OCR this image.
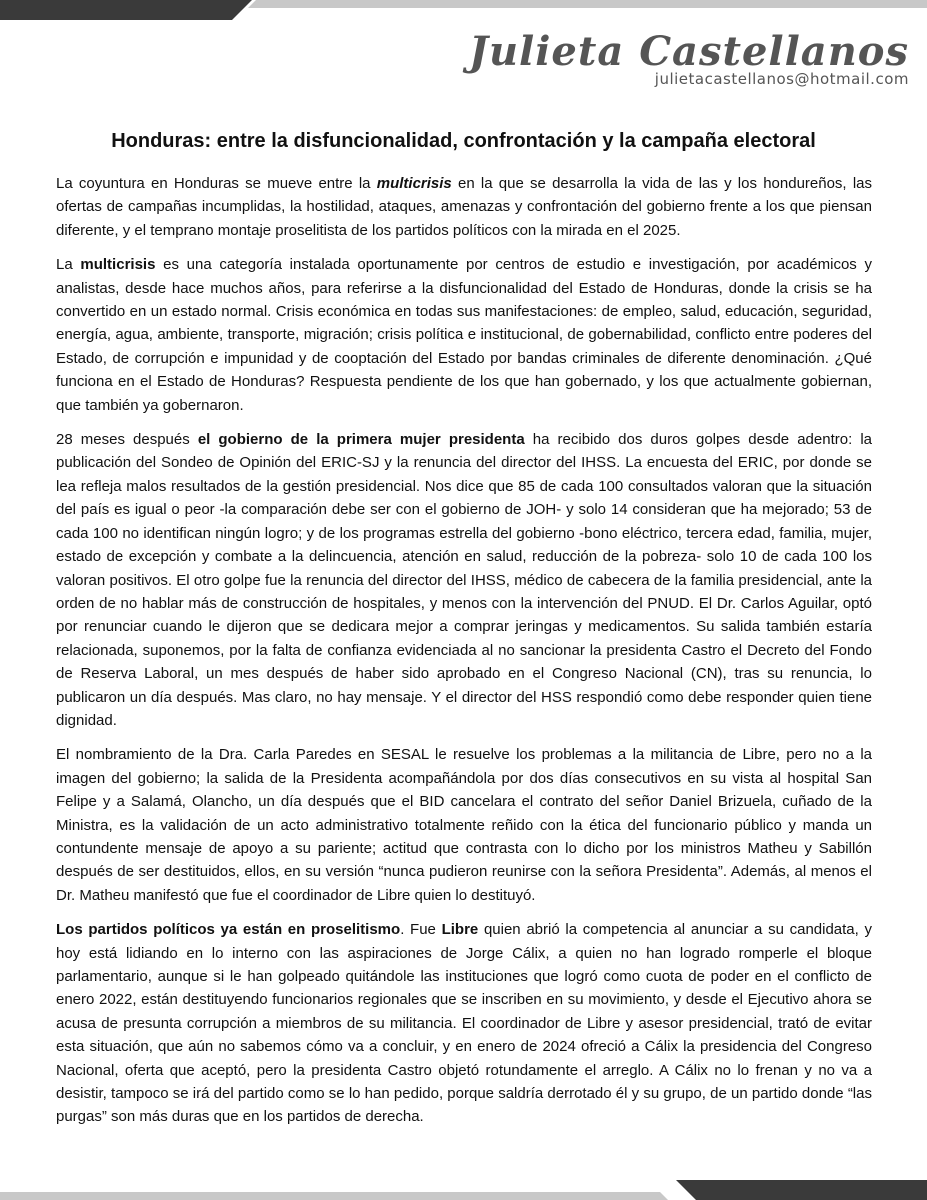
Julieta Castellanos
julietacastellanos@hotmail.com
Honduras: entre la disfuncionalidad, confrontación y la campaña electoral

La coyuntura en Honduras se mueve entre la multicrisis en la que se desarrolla la vida de las y los hondureños, las ofertas de campañas incumplidas, la hostilidad, ataques, amenazas y confrontación del gobierno frente a los que piensan diferente, y el temprano montaje proselitista de los partidos políticos con la mirada en el 2025.

La multicrisis es una categoría instalada oportunamente por centros de estudio e investigación, por académicos y analistas, desde hace muchos años, para referirse a la disfuncionalidad del Estado de Honduras, donde la crisis se ha convertido en un estado normal. Crisis económica en todas sus manifestaciones: de empleo, salud, educación, seguridad, energía, agua, ambiente, transporte, migración; crisis política e institucional, de gobernabilidad, conflicto entre poderes del Estado, de corrupción e impunidad y de cooptación del Estado por bandas criminales de diferente denominación. ¿Qué funciona en el Estado de Honduras? Respuesta pendiente de los que han gobernado, y los que actualmente gobiernan, que también ya gobernaron.

28 meses después el gobierno de la primera mujer presidenta ha recibido dos duros golpes desde adentro: la publicación del Sondeo de Opinión del ERIC-SJ y la renuncia del director del IHSS. La encuesta del ERIC, por donde se lea refleja malos resultados de la gestión presidencial. Nos dice que 85 de cada 100 consultados valoran que la situación del país es igual o peor -la comparación debe ser con el gobierno de JOH- y solo 14 consideran que ha mejorado; 53 de cada 100 no identifican ningún logro; y de los programas estrella del gobierno -bono eléctrico, tercera edad, familia, mujer, estado de excepción y combate a la delincuencia, atención en salud, reducción de la pobreza- solo 10 de cada 100 los valoran positivos. El otro golpe fue la renuncia del director del IHSS, médico de cabecera de la familia presidencial, ante la orden de no hablar más de construcción de hospitales, y menos con la intervención del PNUD. El Dr. Carlos Aguilar, optó por renunciar cuando le dijeron que se dedicara mejor a comprar jeringas y medicamentos. Su salida también estaría relacionada, suponemos, por la falta de confianza evidenciada al no sancionar la presidenta Castro el Decreto del Fondo de Reserva Laboral, un mes después de haber sido aprobado en el Congreso Nacional (CN), tras su renuncia, lo publicaron un día después. Mas claro, no hay mensaje. Y el director del HSS respondió como debe responder quien tiene dignidad.

El nombramiento de la Dra. Carla Paredes en SESAL le resuelve los problemas a la militancia de Libre, pero no a la imagen del gobierno; la salida de la Presidenta acompañándola por dos días consecutivos en su vista al hospital San Felipe y a Salamá, Olancho, un día después que el BID cancelara el contrato del señor Daniel Brizuela, cuñado de la Ministra, es la validación de un acto administrativo totalmente reñido con la ética del funcionario público y manda un contundente mensaje de apoyo a su pariente; actitud que contrasta con lo dicho por los ministros Matheu y Sabillón después de ser destituidos, ellos, en su versión “nunca pudieron reunirse con la señora Presidenta”. Además, al menos el Dr. Matheu manifestó que fue el coordinador de Libre quien lo destituyó.

Los partidos políticos ya están en proselitismo. Fue Libre quien abrió la competencia al anunciar a su candidata, y hoy está lidiando en lo interno con las aspiraciones de Jorge Cálix, a quien no han logrado romperle el bloque parlamentario, aunque si le han golpeado quitándole las instituciones que logró como cuota de poder en el conflicto de enero 2022, están destituyendo funcionarios regionales que se inscriben en su movimiento, y desde el Ejecutivo ahora se acusa de presunta corrupción a miembros de su militancia. El coordinador de Libre y asesor presidencial, trató de evitar esta situación, que aún no sabemos cómo va a concluir, y en enero de 2024 ofreció a Cálix la presidencia del Congreso Nacional, oferta que aceptó, pero la presidenta Castro objetó rotundamente el arreglo. A Cálix no lo frenan y no va a desistir, tampoco se irá del partido como se lo han pedido, porque saldría derrotado él y su grupo, de un partido donde “las purgas” son más duras que en los partidos de derecha.
